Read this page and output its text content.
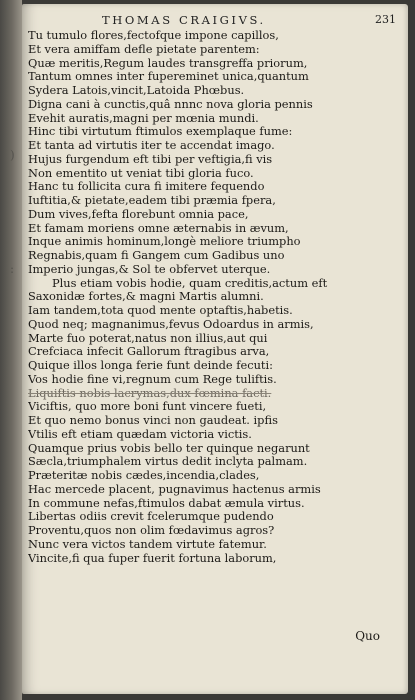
)
:
THOMAS CRAIGIVS.	231
Tu tumulo flores,fectofque impone capillos,
Et vera amiffam defle pietate parentem:
Quæ meritis,Regum laudes transgreffa priorum,
Tantum omnes inter fupereminet unica,quantum
Sydera Latois,vincit,Latoida Phœbus.
Digna cani à cunctis,quâ nnnc nova gloria pennis
Evehit auratis,magni per mœnia mundi.
Hinc tibi virtutum ftimulos exemplaque fume:
Et tanta ad virtutis iter te accendat imago.
Hujus furgendum eft tibi per veftigia,fi vis
Non ementito ut veniat tibi gloria fuco.
Hanc tu follicita cura fi imitere fequendo
Iuftitia,& pietate,eadem tibi præmia fpera,
Dum vives,fefta florebunt omnia pace,
Et famam moriens omne æternabis in ævum,
Inque animis hominum,longè meliore triumpho
Regnabis,quam fi Gangem cum Gadibus uno
Imperio jungas,& Sol te obfervet uterque.
Plus etiam vobis hodie, quam creditis,actum eft
Saxonidæ fortes,& magni Martis alumni.
Iam tandem,tota quod mente optaftis,habetis.
Quod neq; magnanimus,fevus Odoardus in armis,
Marte fuo poterat,natus non illius,aut qui
Crefciaca infecit Gallorum ftragibus arva,
Quique illos longa ferie funt deinde fecuti:
Vos hodie fine vi,regnum cum Rege tuliftis.
Liquiftis nobis lacrymas,dux fœmina facti.
Viciftis, quo more boni funt vincere fueti,
Et quo nemo bonus vinci non gaudeat. ipfis
Vtilis eft etiam quædam victoria victis.
Quamque prius vobis bello ter quinque negarunt
Sæcla,triumphalem virtus dedit inclyta palmam.
Præteritæ nobis cædes,incendia,clades,
Hac mercede placent, pugnavimus hactenus armis
In commune nefas,ftimulos dabat æmula virtus.
Libertas odiis crevit fcelerumque pudendo
Proventu,quos non olim fœdavimus agros?
Nunc vera victos tandem virtute fatemur.
Vincite,fi qua fuper fuerit fortuna laborum,
Quo
